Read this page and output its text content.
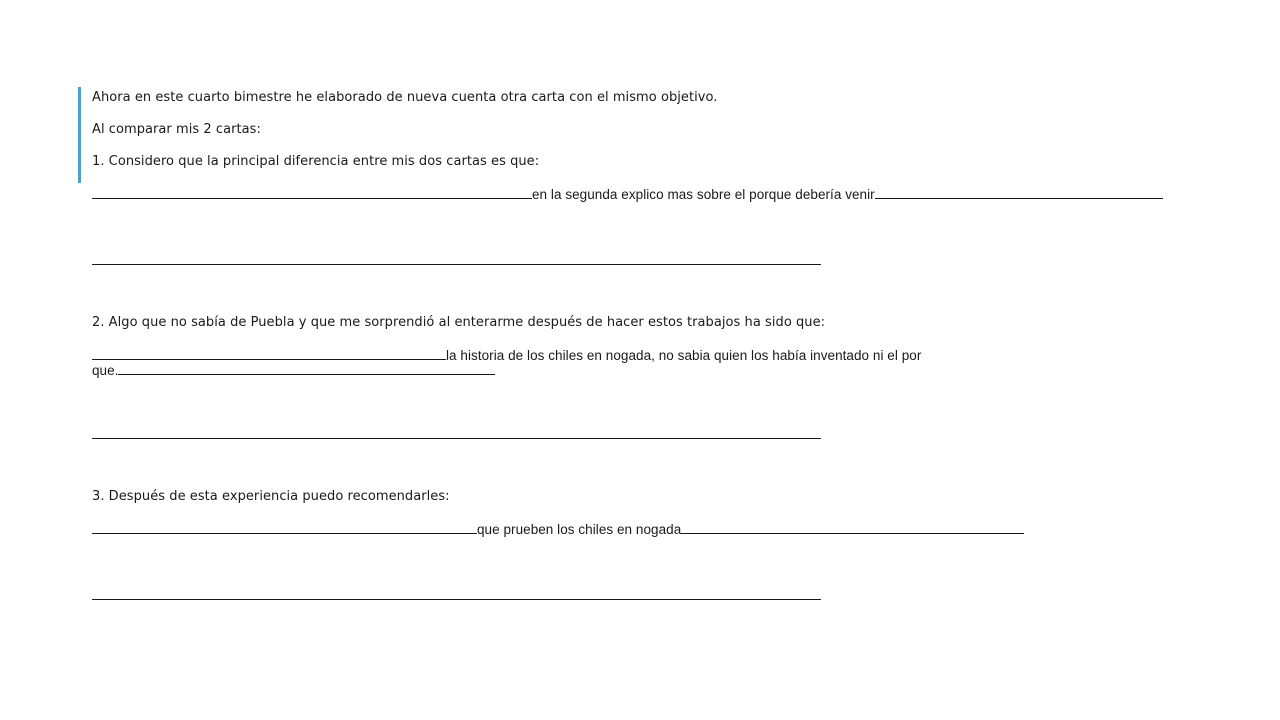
Ahora en este cuarto bimestre he elaborado de nueva cuenta otra carta con el mismo objetivo.
Al comparar mis 2 cartas:
1. Considero que la principal diferencia entre mis dos cartas es que:
en la segunda explico mas sobre el porque debería venir
2. Algo que no sabía de Puebla y que me sorprendió al enterarme después de hacer estos trabajos ha sido que:
la historia de los chiles en nogada, no sabia quien los había inventado ni el por
que.
3. Después de esta experiencia puedo recomendarles:
que prueben los chiles en nogada
